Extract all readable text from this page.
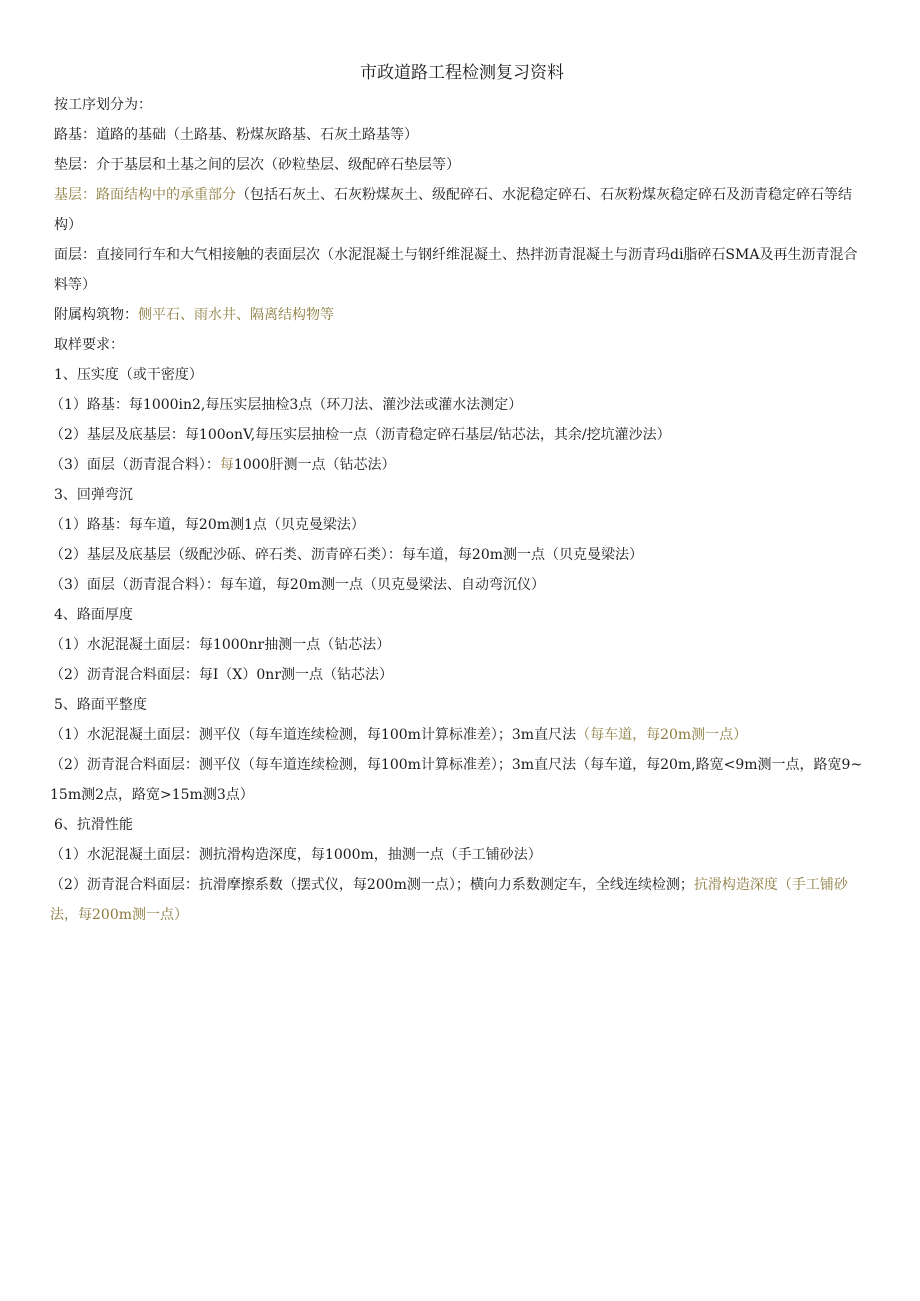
市政道路工程检测复习资料

按工序划分为：

路基：道路的基础（土路基、粉煤灰路基、石灰土路基等）

垫层：介于基层和土基之间的层次（砂粒垫层、级配碎石垫层等）

基层：路面结构中的承重部分（包括石灰土、石灰粉煤灰土、级配碎石、水泥稳定碎石、石灰粉煤灰稳定碎石及沥青稳定碎石等结构）

面层：直接同行车和大气相接触的表面层次（水泥混凝土与钢纤维混凝土、热拌沥青混凝土与沥青玛di脂碎石SMA及再生沥青混合料等）

附属构筑物：侧平石、雨水井、隔离结构物等

取样要求：

1、压实度（或干密度）

（1）路基：每1000in2,每压实层抽检3点（环刀法、灌沙法或灌水法测定）

（2）基层及底基层：每100onV,每压实层抽检一点（沥青稳定碎石基层/钻芯法，其余/挖坑灌沙法）

（3）面层（沥青混合料）：每1000肝测一点（钻芯法）

3、回弹弯沉

（1）路基：每车道，每20m测1点（贝克曼梁法）

（2）基层及底基层（级配沙砾、碎石类、沥青碎石类）：每车道，每20m测一点（贝克曼梁法）

（3）面层（沥青混合料）：每车道，每20m测一点（贝克曼梁法、自动弯沉仪）

4、路面厚度

（1）水泥混凝土面层：每1000nr抽测一点（钻芯法）

（2）沥青混合料面层：每I（X）0nr测一点（钻芯法）

5、路面平整度

（1）水泥混凝土面层：测平仪（每车道连续检测，每100m计算标准差）；3m直尺法（每车道，每20m测一点）

（2）沥青混合料面层：测平仪（每车道连续检测，每100m计算标准差）；3m直尺法（每车道，每20m,路宽<9m测一点，路宽9~15m测2点，路宽>15m测3点）

6、抗滑性能

（1）水泥混凝土面层：测抗滑构造深度，每1000m，抽测一点（手工铺砂法）

（2）沥青混合料面层：抗滑摩擦系数（摆式仪，每200m测一点）；横向力系数测定车，全线连续检测；抗滑构造深度（手工铺砂法，每200m测一点）
